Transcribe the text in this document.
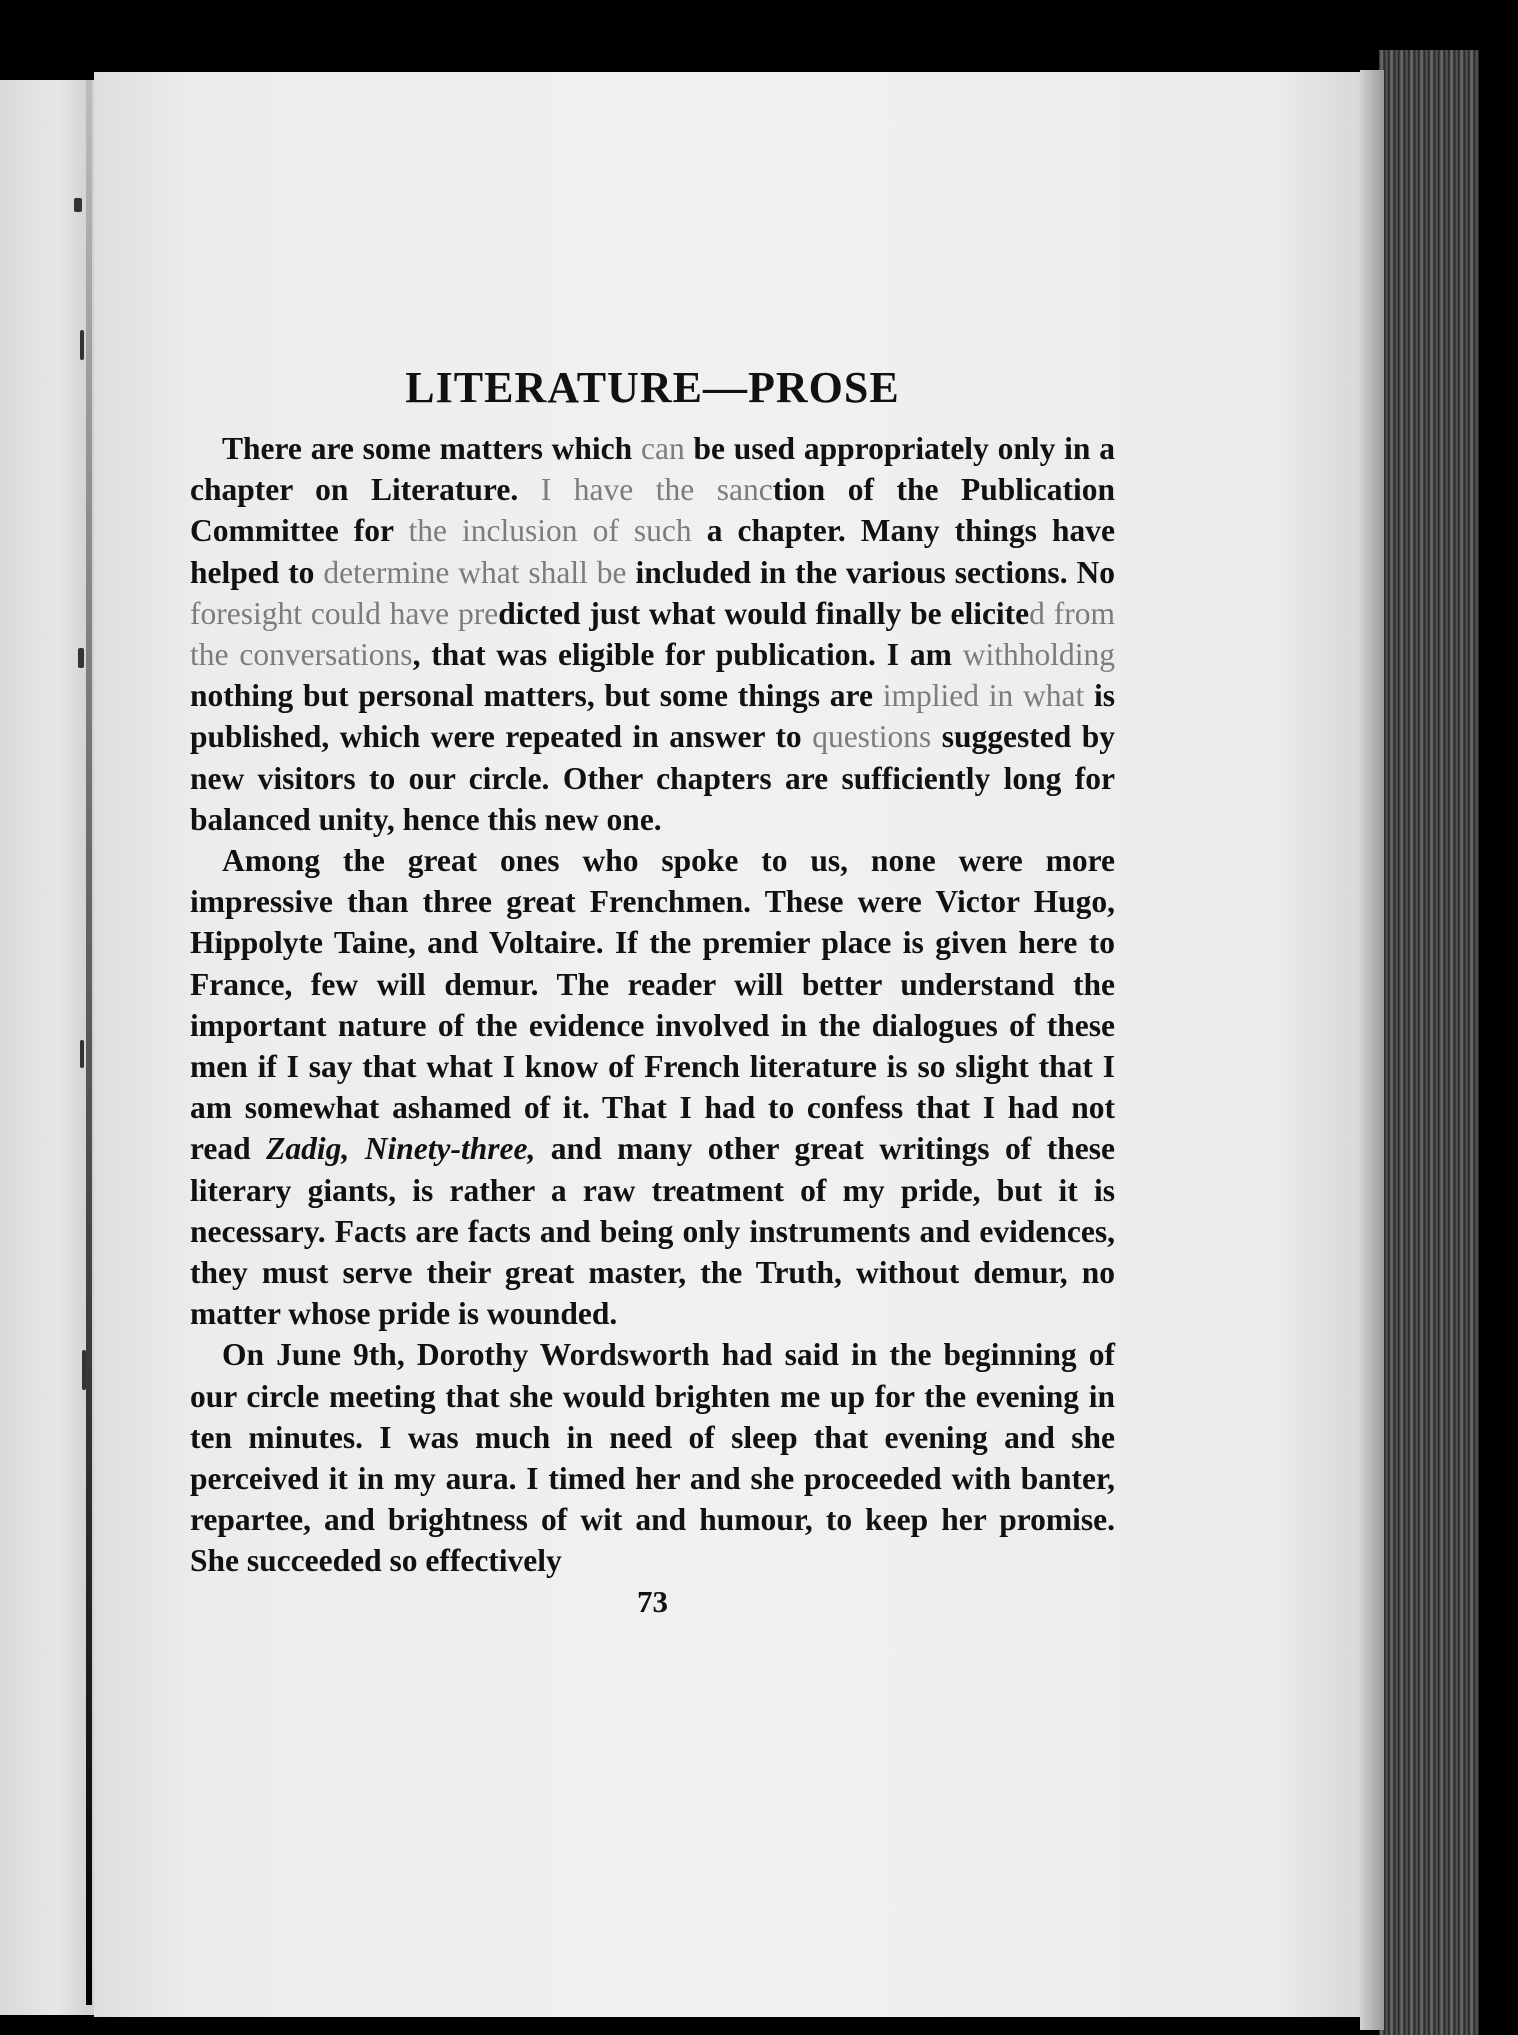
LITERATURE—PROSE

There are some matters which can be used appropriately only in a chapter on Literature. I have the sanction of the Publication Committee for the inclusion of such a chapter. Many things have helped to determine what shall be included in the various sections. No foresight could have predicted just what would finally be elicited from the conversations, that was eligible for publication. I am withholding nothing but personal matters, but some things are implied in what is published, which were repeated in answer to questions suggested by new visitors to our circle. Other chapters are sufficiently long for balanced unity, hence this new one.

Among the great ones who spoke to us, none were more impressive than three great Frenchmen. These were Victor Hugo, Hippolyte Taine, and Voltaire. If the premier place is given here to France, few will demur. The reader will better understand the important nature of the evidence involved in the dialogues of these men if I say that what I know of French literature is so slight that I am somewhat ashamed of it. That I had to confess that I had not read Zadig, Ninety-three, and many other great writings of these literary giants, is rather a raw treatment of my pride, but it is necessary. Facts are facts and being only instruments and evidences, they must serve their great master, the Truth, without demur, no matter whose pride is wounded.

On June 9th, Dorothy Wordsworth had said in the beginning of our circle meeting that she would brighten me up for the evening in ten minutes. I was much in need of sleep that evening and she perceived it in my aura. I timed her and she proceeded with banter, repartee, and brightness of wit and humour, to keep her promise. She succeeded so effectively

73
